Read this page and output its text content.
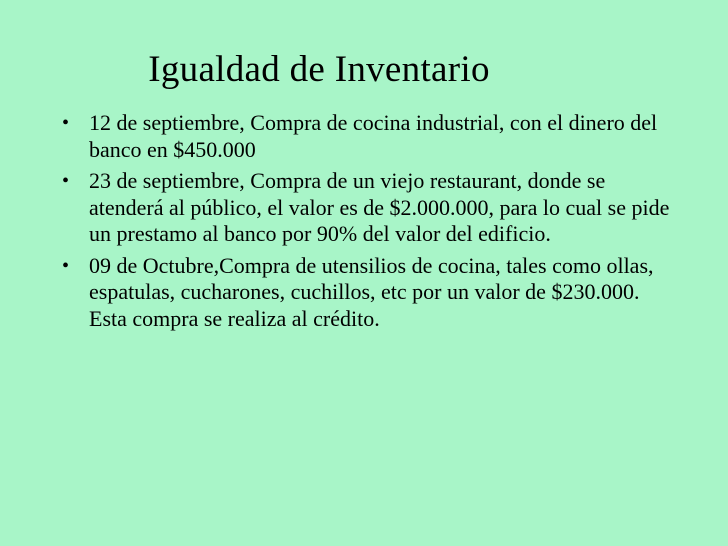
Igualdad de Inventario
• 12 de septiembre, Compra de cocina industrial, con el dinero del banco en $450.000
• 23 de septiembre, Compra de un viejo restaurant, donde se atenderá al público, el valor es de $2.000.000, para lo cual se pide un prestamo al banco por 90% del valor del edificio.
• 09 de Octubre,Compra de utensilios de cocina, tales como ollas, espatulas, cucharones, cuchillos, etc por un valor de $230.000. Esta compra se realiza al crédito.
